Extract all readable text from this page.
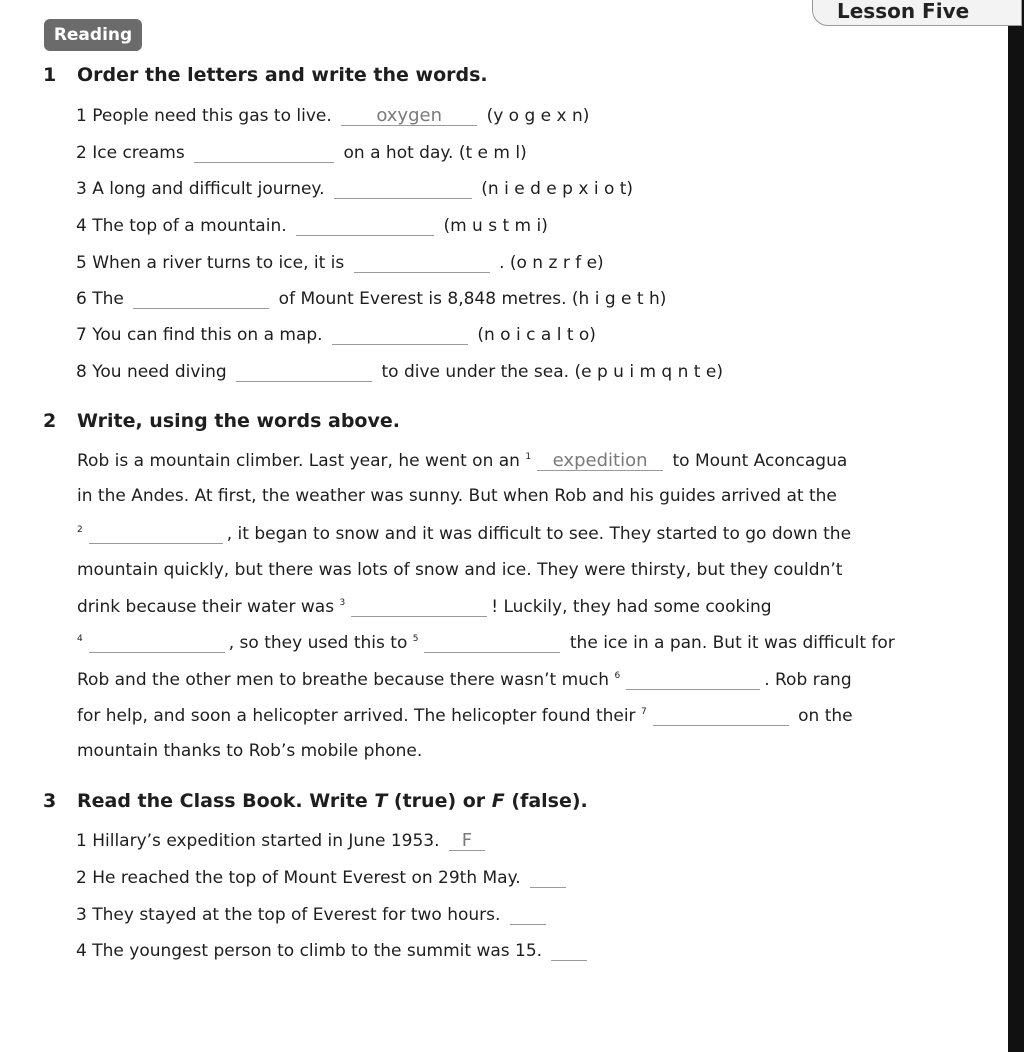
Lesson Five
Reading
1 Order the letters and write the words.
1 People need this gas to live. oxygen	(y o g e x n)
2 Ice creams	on a hot day. (t e m l)
3 A long and difficult journey.	(n i e d e p x i o t)
4 The top of a mountain.	(m u s t m i)
5 When a river turns to ice, it is	. (o n z r f e)
6 The	of Mount Everest is 8,848 metres. (h i g e t h)
7 You can find this on a map.	(n o i c a l t o)
8 You need diving	to dive under the sea. (e p u i m q n t e)
2 Write, using the words above.
Rob is a mountain climber. Last year, he went on an $^1$ expedition to Mount Aconcagua
in the Andes. At first, the weather was sunny. But when Rob and his guides arrived at the
$^2$	, it began to snow and it was difficult to see. They started to go down the
mountain quickly, but there was lots of snow and ice. They were thirsty, but they couldn’t
drink because their water was $^3$	! Luckily, they had some cooking
$^4$	, so they used this to $^5$	the ice in a pan. But it was difficult for
Rob and the other men to breathe because there wasn’t much $^6$	. Rob rang
for help, and soon a helicopter arrived. The helicopter found their $^7$	on the
mountain thanks to Rob’s mobile phone.
3 Read the Class Book. Write T (true) or F (false).
1 Hillary’s expedition started in June 1953. F
2 He reached the top of Mount Everest on 29th May.
3 They stayed at the top of Everest for two hours.
4 The youngest person to climb to the summit was 15.
